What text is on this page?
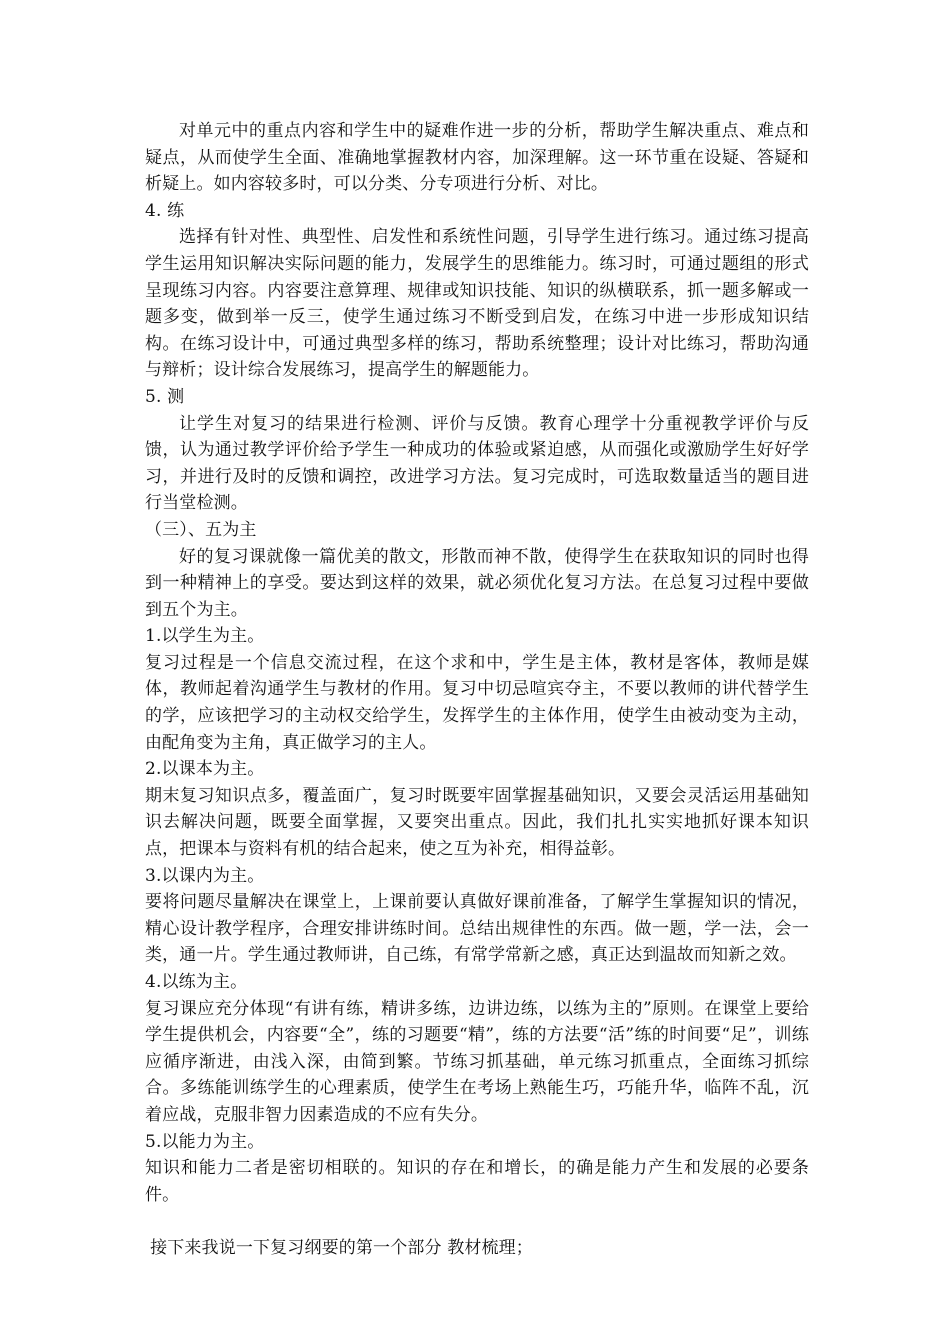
对单元中的重点内容和学生中的疑难作进一步的分析，帮助学生解决重点、难点和疑点，从而使学生全面、准确地掌握教材内容，加深理解。这一环节重在设疑、答疑和析疑上。如内容较多时，可以分类、分专项进行分析、对比。

4. 练

选择有针对性、典型性、启发性和系统性问题，引导学生进行练习。通过练习提高学生运用知识解决实际问题的能力，发展学生的思维能力。练习时，可通过题组的形式呈现练习内容。内容要注意算理、规律或知识技能、知识的纵横联系，抓一题多解或一题多变，做到举一反三，使学生通过练习不断受到启发，在练习中进一步形成知识结构。在练习设计中，可通过典型多样的练习，帮助系统整理；设计对比练习，帮助沟通与辩析；设计综合发展练习，提高学生的解题能力。

5. 测

让学生对复习的结果进行检测、评价与反馈。教育心理学十分重视教学评价与反馈，认为通过教学评价给予学生一种成功的体验或紧迫感，从而强化或激励学生好好学习，并进行及时的反馈和调控，改进学习方法。复习完成时，可选取数量适当的题目进行当堂检测。

（三）、五为主

好的复习课就像一篇优美的散文，形散而神不散，使得学生在获取知识的同时也得到一种精神上的享受。要达到这样的效果，就必须优化复习方法。在总复习过程中要做到五个为主。

1.以学生为主。

复习过程是一个信息交流过程，在这个求和中，学生是主体，教材是客体，教师是媒体，教师起着沟通学生与教材的作用。复习中切忌喧宾夺主，不要以教师的讲代替学生的学，应该把学习的主动权交给学生，发挥学生的主体作用，使学生由被动变为主动，由配角变为主角，真正做学习的主人。

2.以课本为主。

期末复习知识点多，覆盖面广，复习时既要牢固掌握基础知识，又要会灵活运用基础知识去解决问题，既要全面掌握，又要突出重点。因此，我们扎扎实实地抓好课本知识点，把课本与资料有机的结合起来，使之互为补充，相得益彰。

3.以课内为主。

要将问题尽量解决在课堂上，上课前要认真做好课前准备，了解学生掌握知识的情况，精心设计教学程序，合理安排讲练时间。总结出规律性的东西。做一题，学一法，会一类，通一片。学生通过教师讲，自己练，有常学常新之感，真正达到温故而知新之效。

4.以练为主。

复习课应充分体现“有讲有练，精讲多练，边讲边练，以练为主的”原则。在课堂上要给学生提供机会，内容要“全”，练的习题要“精”，练的方法要“活”练的时间要“足”，训练应循序渐进，由浅入深，由简到繁。节练习抓基础，单元练习抓重点，全面练习抓综合。多练能训练学生的心理素质，使学生在考场上熟能生巧，巧能升华，临阵不乱，沉着应战，克服非智力因素造成的不应有失分。

5.以能力为主。

知识和能力二者是密切相联的。知识的存在和增长，的确是能力产生和发展的必要条件。

接下来我说一下复习纲要的第一个部分 教材梳理；
